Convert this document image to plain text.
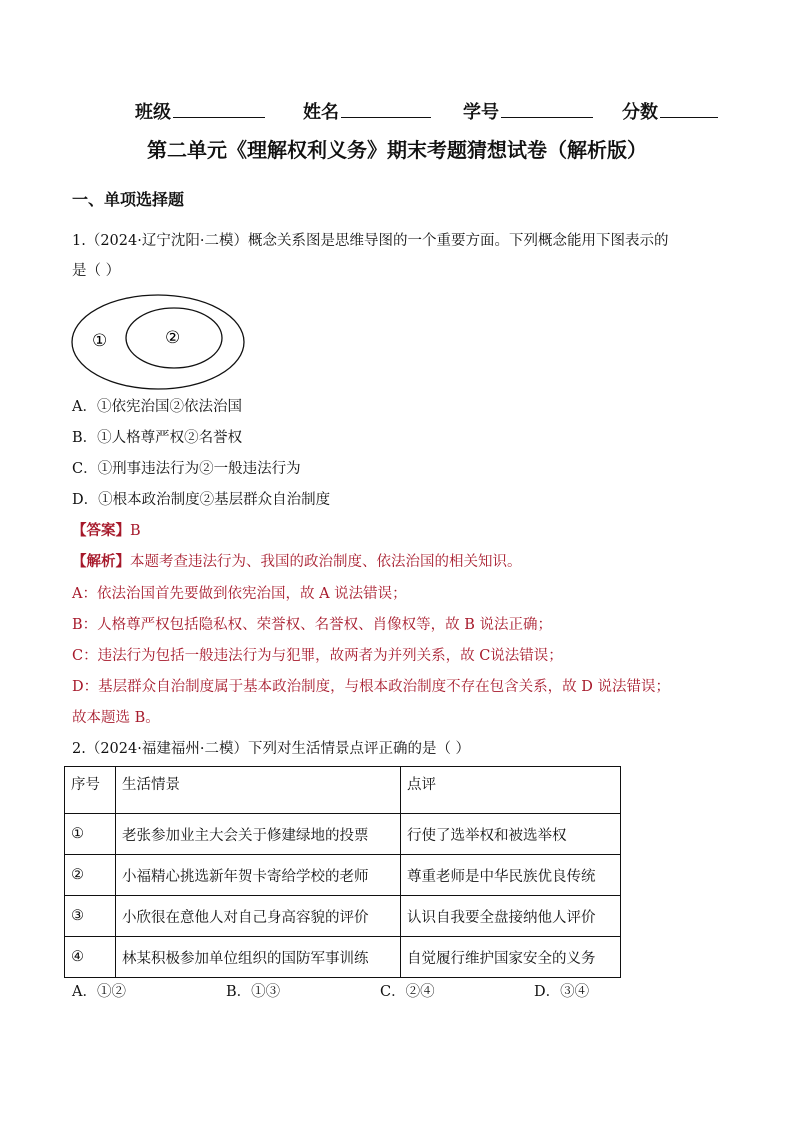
班级	姓名	学号	分数
第二单元《理解权利义务》期末考题猜想试卷（解析版）
一、单项选择题
1.（2024·辽宁沈阳·二模）概念关系图是思维导图的一个重要方面。下列概念能用下图表示的
是（ ）
①	②
A．①依宪治国②依法治国
B．①人格尊严权②名誉权
C．①刑事违法行为②一般违法行为
D．①根本政治制度②基层群众自治制度
【答案】B
【解析】本题考查违法行为、我国的政治制度、依法治国的相关知识。
A：依法治国首先要做到依宪治国，故 A 说法错误；
B：人格尊严权包括隐私权、荣誉权、名誉权、肖像权等，故 B 说法正确；
C：违法行为包括一般违法行为与犯罪，故两者为并列关系，故 C说法错误；
D：基层群众自治制度属于基本政治制度，与根本政治制度不存在包含关系，故 D 说法错误；
故本题选 B。
2.（2024·福建福州·二模）下列对生活情景点评正确的是（ ）
序号	生活情景	点评
①	老张参加业主大会关于修建绿地的投票	行使了选举权和被选举权
②	小福精心挑选新年贺卡寄给学校的老师	尊重老师是中华民族优良传统
③	小欣很在意他人对自己身高容貌的评价	认识自我要全盘接纳他人评价
④	林某积极参加单位组织的国防军事训练	自觉履行维护国家安全的义务
A．①②	B．①③	C．②④	D．③④
